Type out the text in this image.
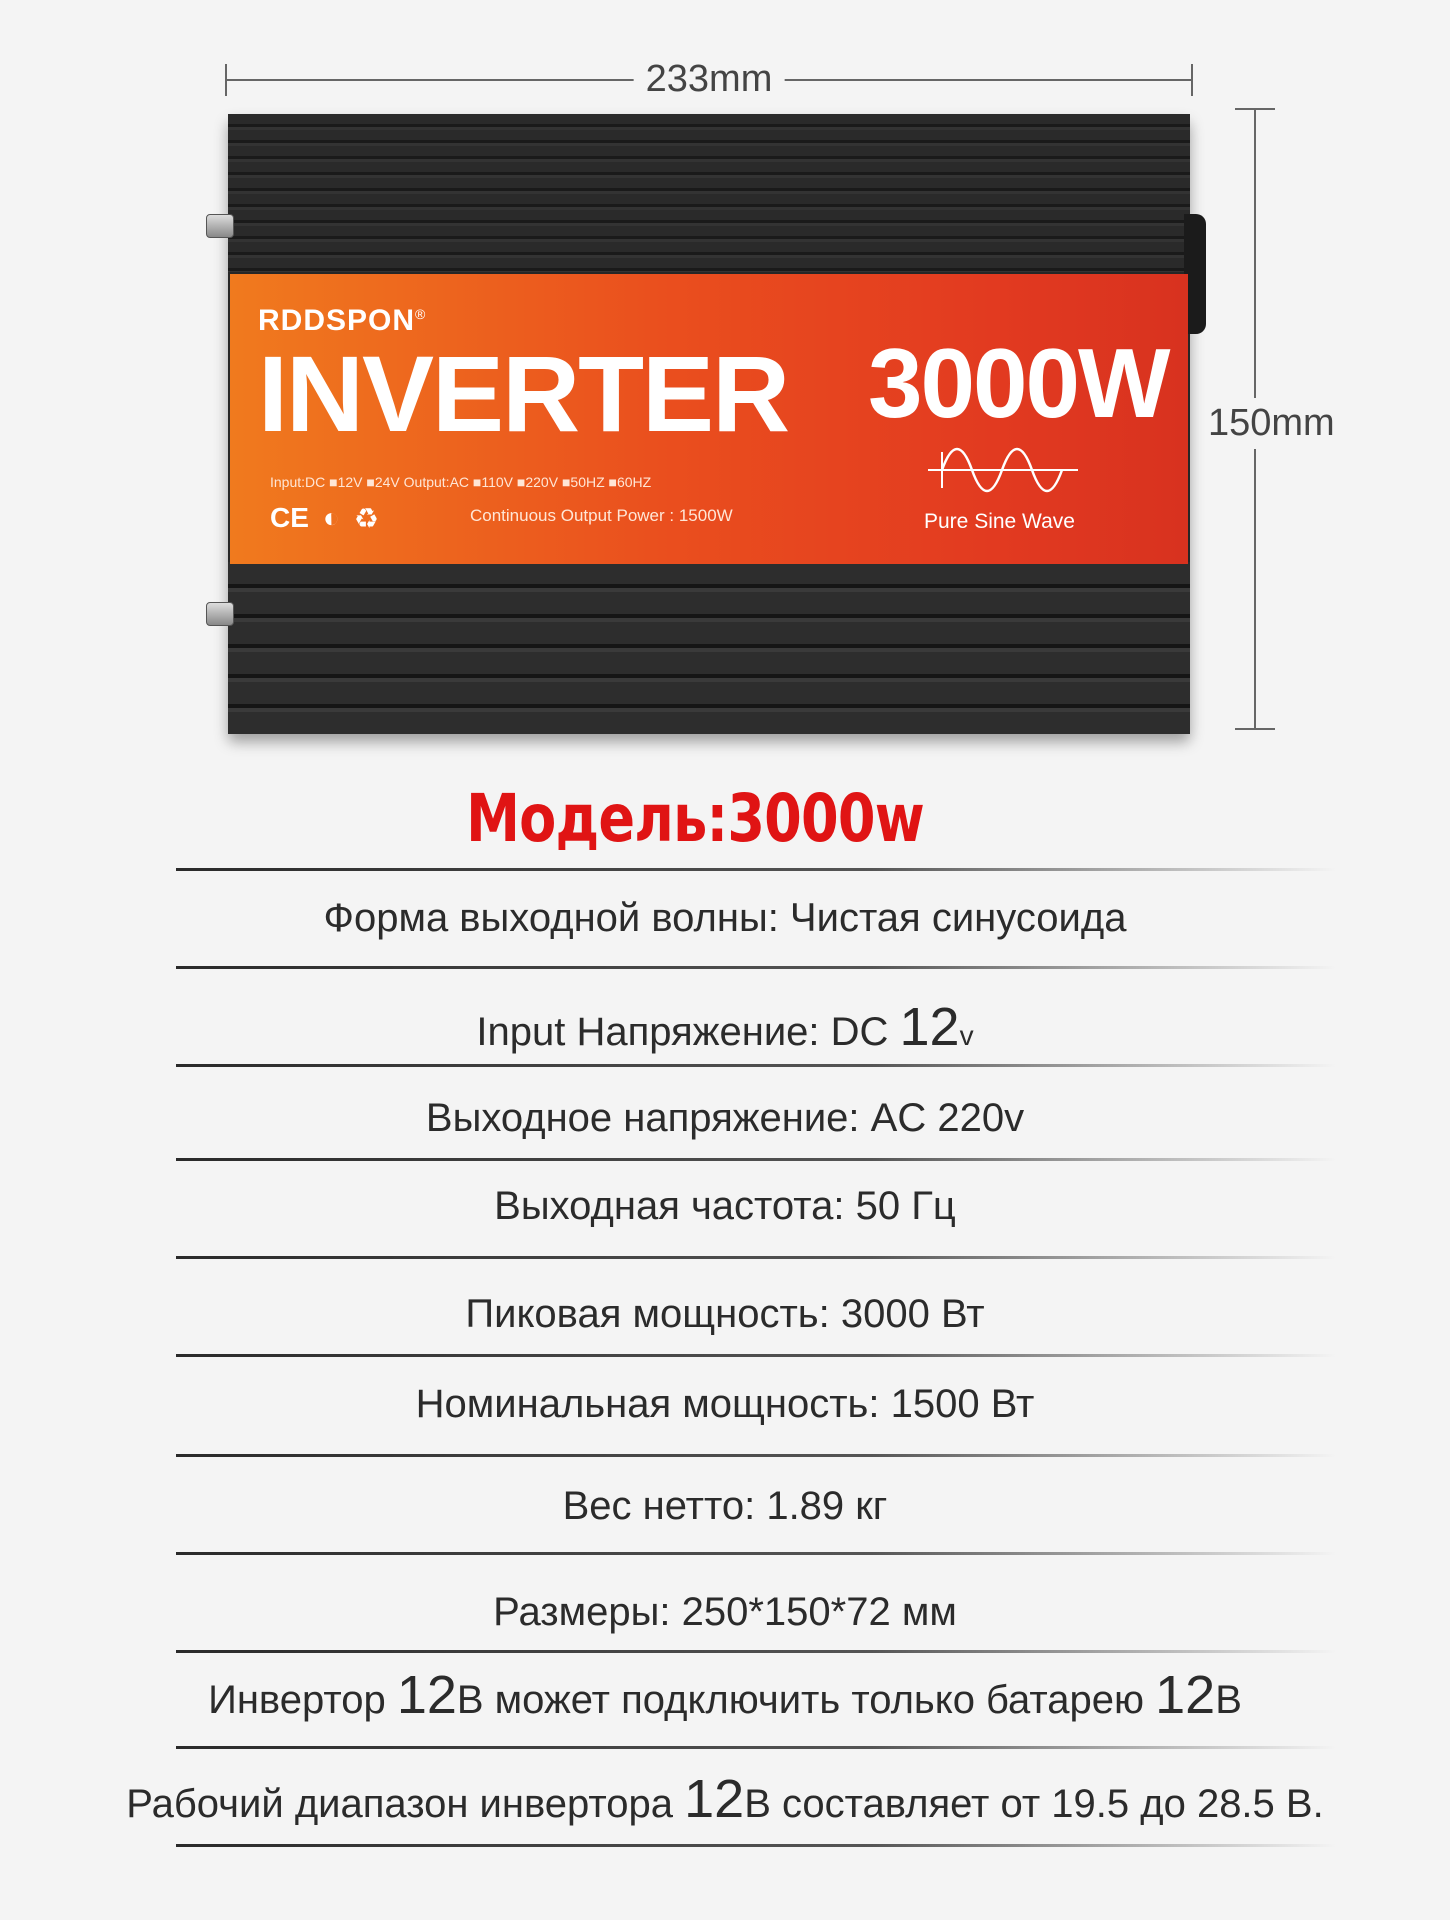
233mm
150mm
RDDSPON®
INVERTER 3000W
Input:DC ■12V ■24V Output:AC ■110V ■220V ■50HZ ■60HZ
CE ◐ ♻	Continuous Output Power : 1500W	Pure Sine Wave
Модель:3000w
Форма выходной волны: Чистая синусоида
Input Напряжение: DC 12v
Выходное напряжение: AC 220v
Выходная частота: 50 Гц
Пиковая мощность: 3000 Вт
Номинальная мощность: 1500 Вт
Вес нетто: 1.89 кг
Размеры: 250*150*72 мм
Инвертор 12В может подключить только батарею 12В
Рабочий диапазон инвертора 12В составляет от 19.5 до 28.5 В.
